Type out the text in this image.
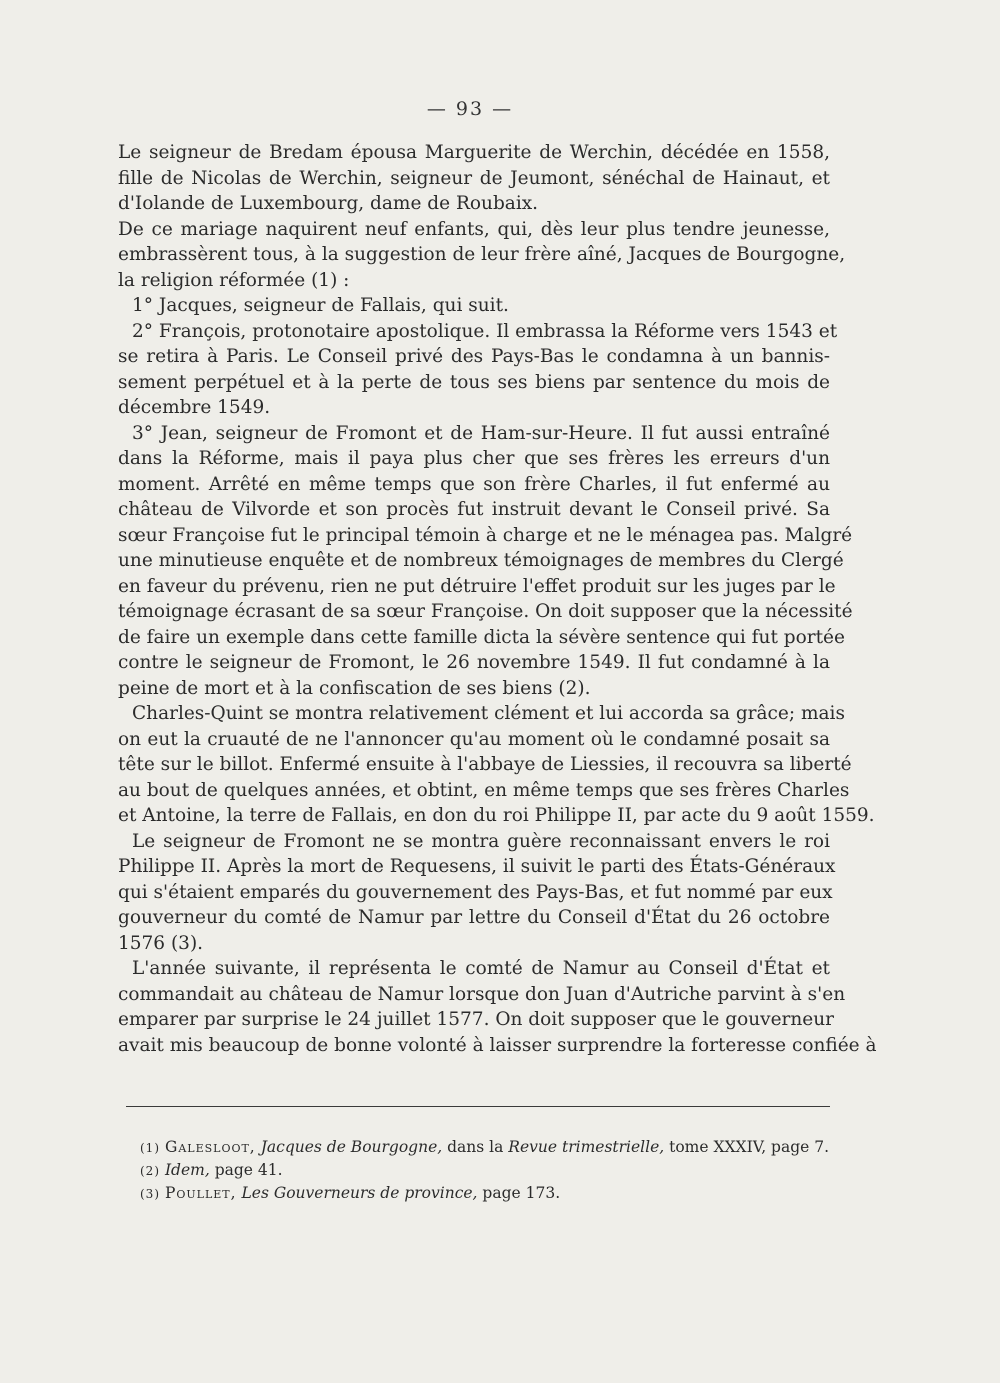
— 93 —
Le seigneur de Bredam épousa Marguerite de Werchin, décédée en 1558,
fille de Nicolas de Werchin, seigneur de Jeumont, sénéchal de Hainaut, et
d'Iolande de Luxembourg, dame de Roubaix.
De ce mariage naquirent neuf enfants, qui, dès leur plus tendre jeunesse,
embrassèrent tous, à la suggestion de leur frère aîné, Jacques de Bourgogne,
la religion réformée (1) :
1° Jacques, seigneur de Fallais, qui suit.
2° François, protonotaire apostolique. Il embrassa la Réforme vers 1543 et
se retira à Paris. Le Conseil privé des Pays-Bas le condamna à un bannis-
sement perpétuel et à la perte de tous ses biens par sentence du mois de
décembre 1549.
3° Jean, seigneur de Fromont et de Ham-sur-Heure. Il fut aussi entraîné
dans la Réforme, mais il paya plus cher que ses frères les erreurs d'un
moment. Arrêté en même temps que son frère Charles, il fut enfermé au
château de Vilvorde et son procès fut instruit devant le Conseil privé. Sa
sœur Françoise fut le principal témoin à charge et ne le ménagea pas. Malgré
une minutieuse enquête et de nombreux témoignages de membres du Clergé
en faveur du prévenu, rien ne put détruire l'effet produit sur les juges par le
témoignage écrasant de sa sœur Françoise. On doit supposer que la nécessité
de faire un exemple dans cette famille dicta la sévère sentence qui fut portée
contre le seigneur de Fromont, le 26 novembre 1549. Il fut condamné à la
peine de mort et à la confiscation de ses biens (2).
Charles-Quint se montra relativement clément et lui accorda sa grâce; mais
on eut la cruauté de ne l'annoncer qu'au moment où le condamné posait sa
tête sur le billot. Enfermé ensuite à l'abbaye de Liessies, il recouvra sa liberté
au bout de quelques années, et obtint, en même temps que ses frères Charles
et Antoine, la terre de Fallais, en don du roi Philippe II, par acte du 9 août 1559.
Le seigneur de Fromont ne se montra guère reconnaissant envers le roi
Philippe II. Après la mort de Requesens, il suivit le parti des États-Généraux
qui s'étaient emparés du gouvernement des Pays-Bas, et fut nommé par eux
gouverneur du comté de Namur par lettre du Conseil d'État du 26 octobre
1576 (3).
L'année suivante, il représenta le comté de Namur au Conseil d'État et
commandait au château de Namur lorsque don Juan d'Autriche parvint à s'en
emparer par surprise le 24 juillet 1577. On doit supposer que le gouverneur
avait mis beaucoup de bonne volonté à laisser surprendre la forteresse confiée à
(1) Galesloot, Jacques de Bourgogne, dans la Revue trimestrielle, tome XXXIV, page 7.
(2) Idem, page 41.
(3) Poullet, Les Gouverneurs de province, page 173.
